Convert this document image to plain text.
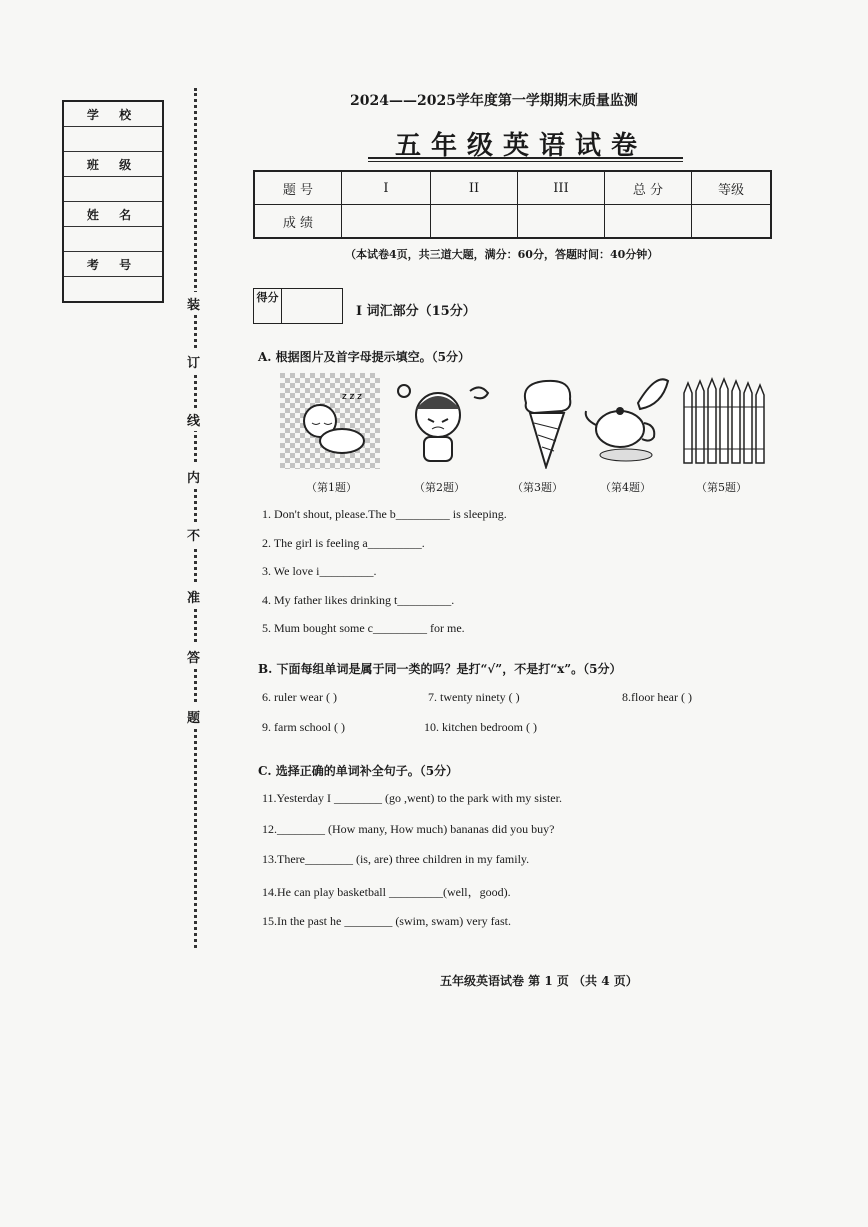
学 校
班 级
姓 名
考 号
装
订
线
内
不
准
答
题
2024——2025学年度第一学期期末质量监测
五年级英语试卷
题 号	I	II	III	总 分	等级
成 绩					
（本试卷4页，共三道大题，满分：60分，答题时间：40分钟）
得分
I 词汇部分（15分）
A. 根据图片及首字母提示填空。（5分）
z z z
（第1题）	（第2题）	（第3题）	（第4题）	（第5题）
1. Don't shout, please.The b_________ is sleeping.
2. The girl is feeling a_________.
3. We love i_________.
4. My father likes drinking t_________.
5. Mum bought some c_________ for me.
B. 下面每组单词是属于同一类的吗？是打“√”，不是打“x”。（5分）
6. ruler wear ( )	7. twenty ninety ( )	8.floor hear ( )
9. farm school ( )	10. kitchen bedroom ( )
C. 选择正确的单词补全句子。（5分）
11.Yesterday I ________ (go ,went) to the park with my sister.
12.________ (How many, How much) bananas did you buy?
13.There________ (is, are) three children in my family.
14.He can play basketball _________(well，good).
15.In the past he ________ (swim, swam) very fast.
五年级英语试卷 第 1 页 （共 4 页）
